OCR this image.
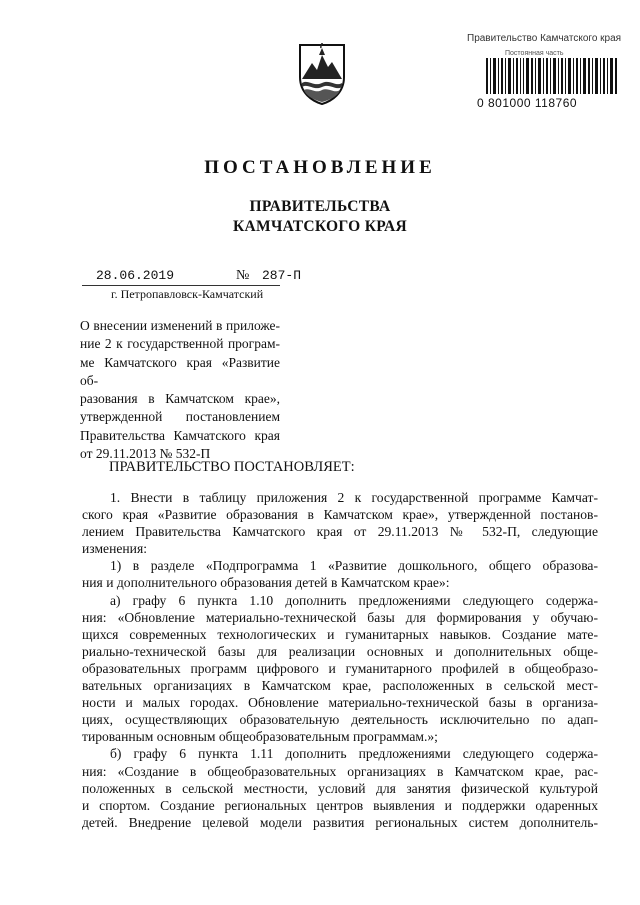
Правительство Камчатского края
Постоянная часть
0 801000 118760
ПОСТАНОВЛЕНИЕ
ПРАВИТЕЛЬСТВА
КАМЧАТСКОГО КРАЯ
28.06.2019	№ 287-П
г. Петропавловск-Камчатский
О внесении изменений в приложе-
ние 2 к государственной програм-
ме Камчатского края «Развитие об-
разования в Камчатском крае»,
утвержденной постановлением
Правительства Камчатского края
от 29.11.2013 № 532-П
ПРАВИТЕЛЬСТВО ПОСТАНОВЛЯЕТ:
1. Внести в таблицу приложения 2 к государственной программе Камчат-
ского края «Развитие образования в Камчатском крае», утвержденной постанов-
лением Правительства Камчатского края от 29.11.2013 № 532-П, следующие
изменения:
1) в разделе «Подпрограмма 1 «Развитие дошкольного, общего образова-
ния и дополнительного образования детей в Камчатском крае»:
а) графу 6 пункта 1.10 дополнить предложениями следующего содержа-
ния: «Обновление материально-технической базы для формирования у обучаю-
щихся современных технологических и гуманитарных навыков. Создание мате-
риально-технической базы для реализации основных и дополнительных обще-
образовательных программ цифрового и гуманитарного профилей в общеобразо-
вательных организациях в Камчатском крае, расположенных в сельской мест-
ности и малых городах. Обновление материально-технической базы в организа-
циях, осуществляющих образовательную деятельность исключительно по адап-
тированным основным общеобразовательным программам.»;
б) графу 6 пункта 1.11 дополнить предложениями следующего содержа-
ния: «Создание в общеобразовательных организациях в Камчатском крае, рас-
положенных в сельской местности, условий для занятия физической культурой
и спортом. Создание региональных центров выявления и поддержки одаренных
детей. Внедрение целевой модели развития региональных систем дополнитель-
